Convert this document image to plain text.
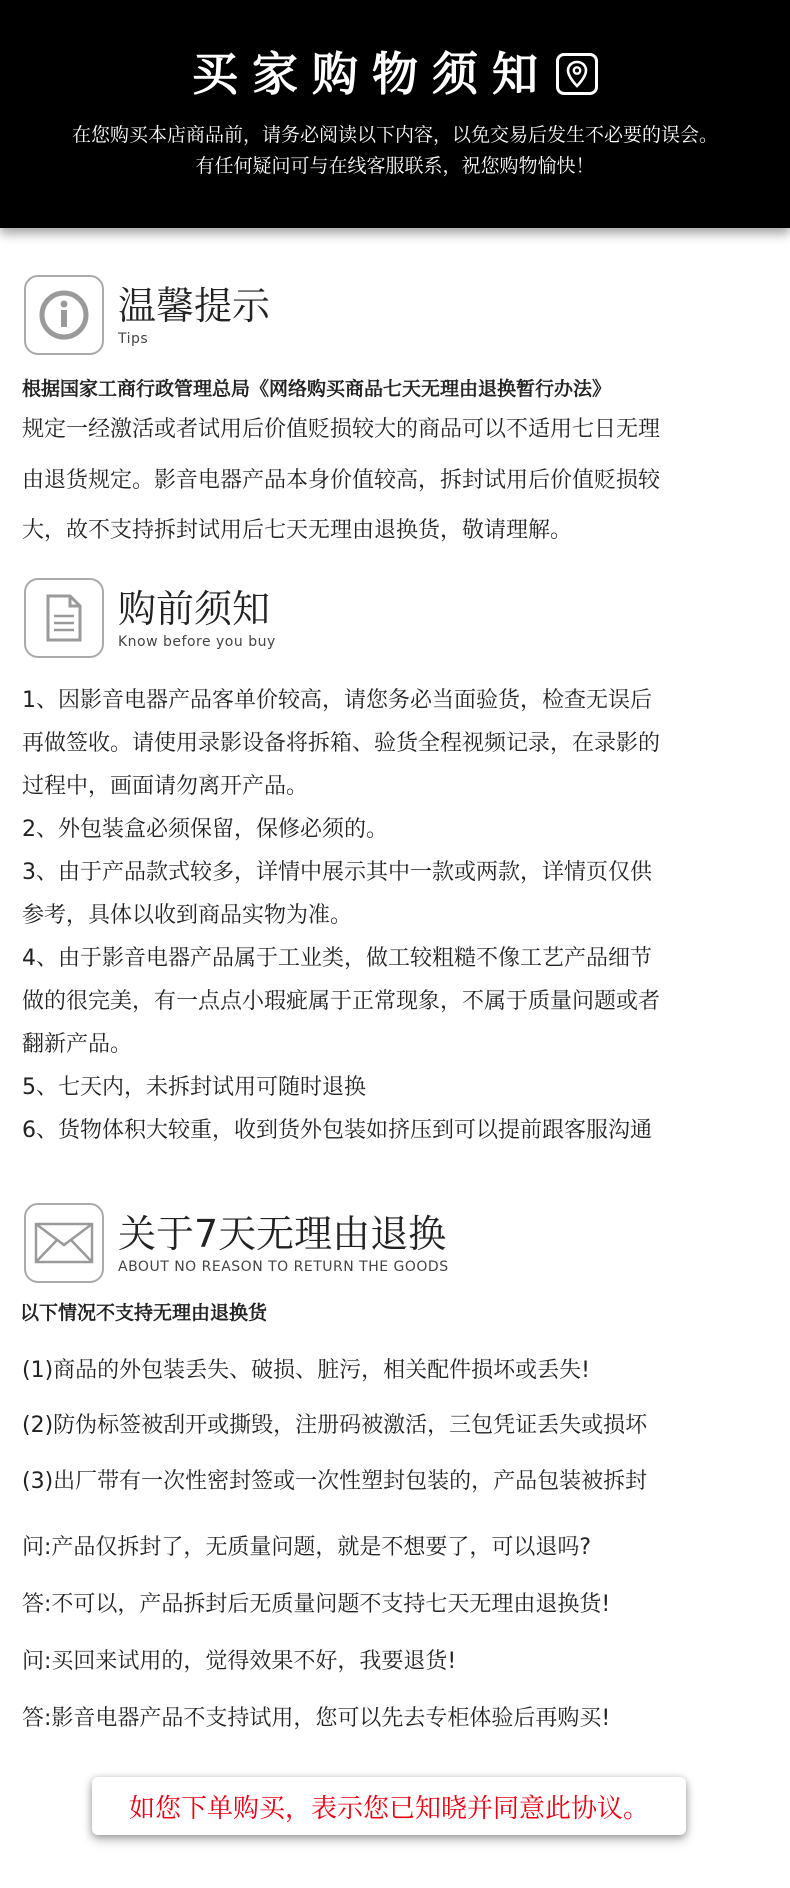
买家购物须知
在您购买本店商品前，请务必阅读以下内容，以免交易后发生不必要的误会。
有任何疑问可与在线客服联系，祝您购物愉快！
温馨提示
Tips
根据国家工商行政管理总局《网络购买商品七天无理由退换暂行办法》
规定一经激活或者试用后价值贬损较大的商品可以不适用七日无理
由退货规定。影音电器产品本身价值较高，拆封试用后价值贬损较
大，故不支持拆封试用后七天无理由退换货，敬请理解。
购前须知
Know before you buy
1、因影音电器产品客单价较高，请您务必当面验货，检查无误后
再做签收。请使用录影设备将拆箱、验货全程视频记录，在录影的
过程中，画面请勿离开产品。
2、外包装盒必须保留，保修必须的。
3、由于产品款式较多，详情中展示其中一款或两款，详情页仅供
参考，具体以收到商品实物为准。
4、由于影音电器产品属于工业类，做工较粗糙不像工艺产品细节
做的很完美，有一点点小瑕疵属于正常现象，不属于质量问题或者
翻新产品。
5、七天内，未拆封试用可随时退换
6、货物体积大较重，收到货外包装如挤压到可以提前跟客服沟通
关于7天无理由退换
ABOUT NO REASON TO RETURN THE GOODS
以下情况不支持无理由退换货
(1)商品的外包装丢失、破损、脏污，相关配件损坏或丢失!
(2)防伪标签被刮开或撕毁，注册码被激活，三包凭证丢失或损坏
(3)出厂带有一次性密封签或一次性塑封包装的，产品包装被拆封
问:产品仅拆封了，无质量问题，就是不想要了，可以退吗?
答:不可以，产品拆封后无质量问题不支持七天无理由退换货!
问:买回来试用的，觉得效果不好，我要退货!
答:影音电器产品不支持试用，您可以先去专柜体验后再购买!
如您下单购买，表示您已知晓并同意此协议。
